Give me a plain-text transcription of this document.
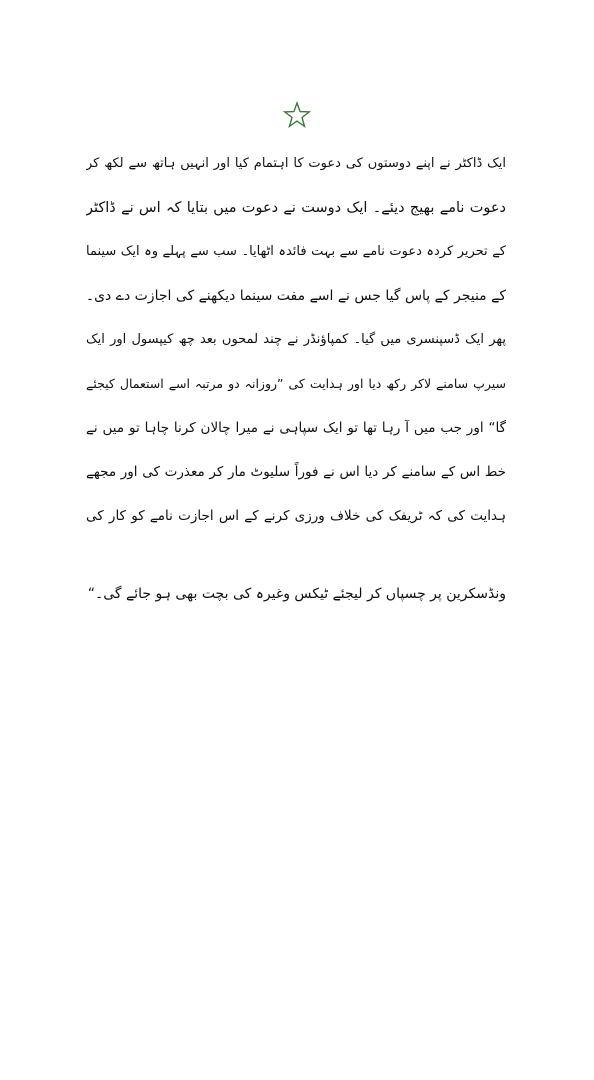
ایک ڈاکٹر نے اپنے دوستوں کی دعوت کا اہتمام کیا اور انہیں ہاتھ سے لکھ کر
دعوت نامے بھیج دیئے۔ ایک دوست نے دعوت میں بتایا کہ اس نے ڈاکٹر
کے تحریر کردہ دعوت نامے سے بہت فائدہ اٹھایا۔ سب سے پہلے وہ ایک سینما
کے منیجر کے پاس گیا جس نے اسے مفت سینما دیکھنے کی اجازت دے دی۔
پھر ایک ڈسپنسری میں گیا۔ کمپاؤنڈر نے چند لمحوں بعد چھ کیپسول اور ایک
سیرپ سامنے لاکر رکھ دیا اور ہدایت کی ”روزانہ دو مرتبہ اسے استعمال کیجئے
گا“ اور جب میں آ رہا تھا تو ایک سپاہی نے میرا چالان کرنا چاہا تو میں نے
خط اس کے سامنے کر دیا اس نے فوراً سلیوٹ مار کر معذرت کی اور مجھے
ہدایت کی کہ ٹریفک کی خلاف ورزی کرنے کے اس اجازت نامے کو کار کی
ونڈسکرین پر چسپاں کر لیجئے ٹیکس وغیرہ کی بچت بھی ہو جائے گی۔“
